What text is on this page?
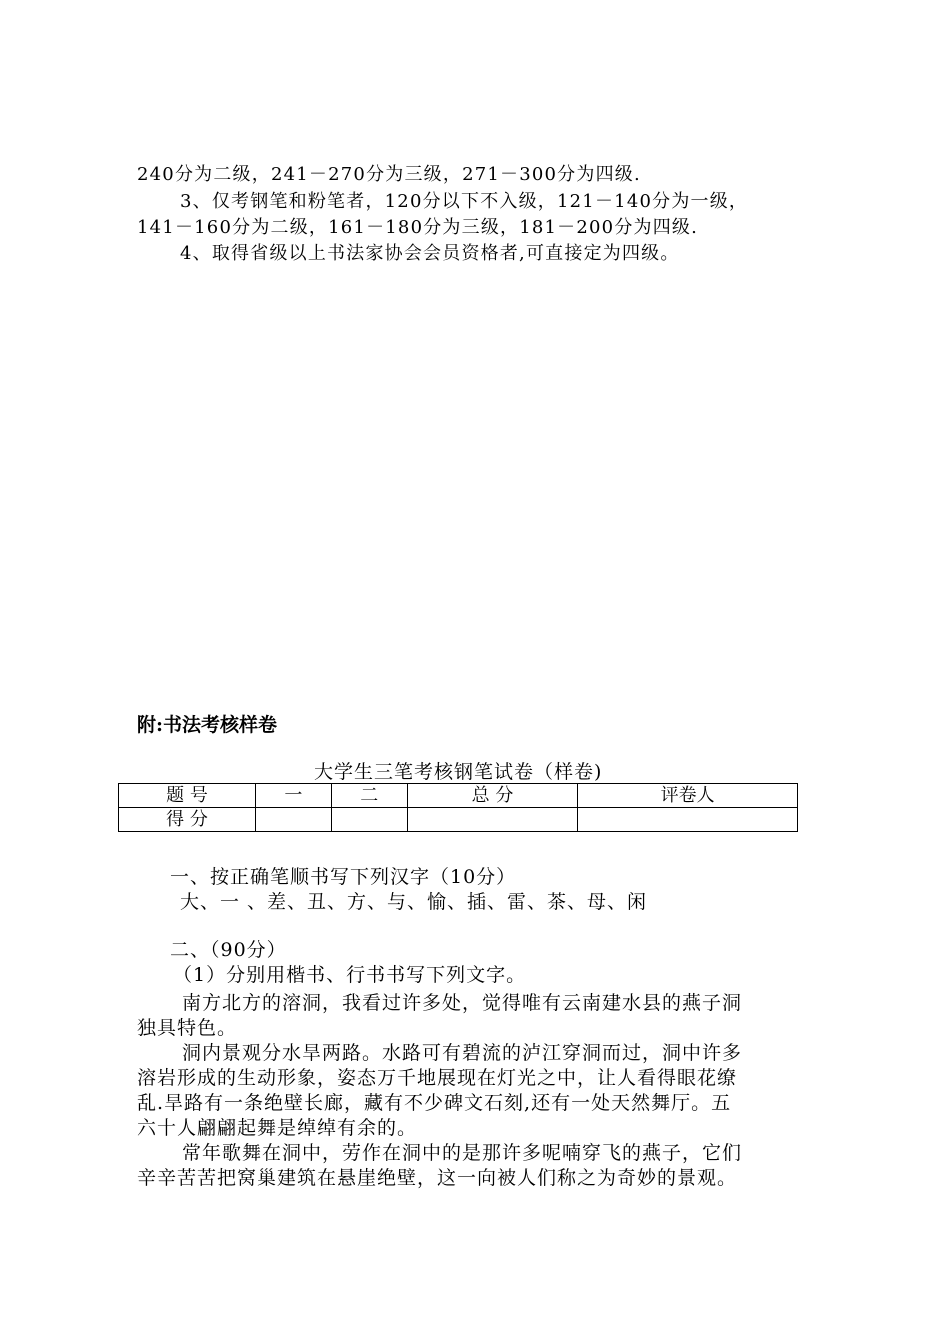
240分为二级，241－270分为三级，271－300分为四级.
3、仅考钢笔和粉笔者，120分以下不入级，121－140分为一级，
141－160分为二级，161－180分为三级，181－200分为四级.
4、取得省级以上书法家协会会员资格者,可直接定为四级。
附:书法考核样卷
大学生三笔考核钢笔试卷（样卷)
题 号	一	二	总 分	评卷人
得 分				
一、按正确笔顺书写下列汉字（10分）
大、一 、差、丑、方、与、愉、插、雷、茶、母、闲
二、（90分）
（1）分别用楷书、行书书写下列文字。
南方北方的溶洞，我看过许多处，觉得唯有云南建水县的燕子洞
独具特色。
洞内景观分水旱两路。水路可有碧流的泸江穿洞而过，洞中许多
溶岩形成的生动形象，姿态万千地展现在灯光之中，让人看得眼花缭
乱.旱路有一条绝壁长廊，藏有不少碑文石刻,还有一处天然舞厅。五
六十人翩翩起舞是绰绰有余的。
常年歌舞在洞中，劳作在洞中的是那许多呢喃穿飞的燕子，它们
辛辛苦苦把窝巢建筑在悬崖绝壁，这一向被人们称之为奇妙的景观。
